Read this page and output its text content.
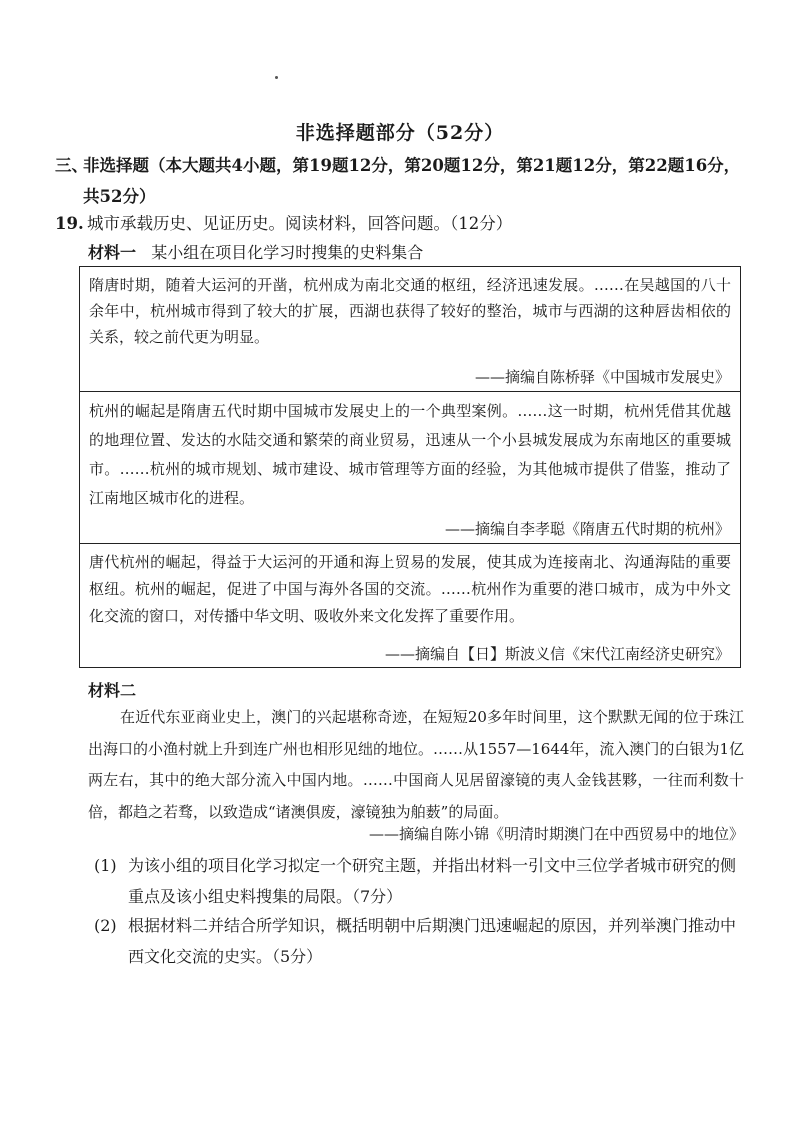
非选择题部分（52分）
三、非选择题（本大题共4小题，第19题12分，第20题12分，第21题12分，第22题16分，
共52分）
19. 城市承载历史、见证历史。阅读材料，回答问题。（12分）
材料一 某小组在项目化学习时搜集的史料集合
隋唐时期，随着大运河的开凿，杭州成为南北交通的枢纽，经济迅速发展。……在吴越国的八十余年中，杭州城市得到了较大的扩展，西湖也获得了较好的整治，城市与西湖的这种唇齿相依的关系，较之前代更为明显。
——摘编自陈桥驿《中国城市发展史》
杭州的崛起是隋唐五代时期中国城市发展史上的一个典型案例。……这一时期，杭州凭借其优越的地理位置、发达的水陆交通和繁荣的商业贸易，迅速从一个小县城发展成为东南地区的重要城市。……杭州的城市规划、城市建设、城市管理等方面的经验，为其他城市提供了借鉴，推动了江南地区城市化的进程。
——摘编自李孝聪《隋唐五代时期的杭州》
唐代杭州的崛起，得益于大运河的开通和海上贸易的发展，使其成为连接南北、沟通海陆的重要枢纽。杭州的崛起，促进了中国与海外各国的交流。……杭州作为重要的港口城市，成为中外文化交流的窗口，对传播中华文明、吸收外来文化发挥了重要作用。
——摘编自【日】斯波义信《宋代江南经济史研究》
材料二
在近代东亚商业史上，澳门的兴起堪称奇迹，在短短20多年时间里，这个默默无闻的位于珠江出海口的小渔村就上升到连广州也相形见绌的地位。……从1557—1644年，流入澳门的白银为1亿两左右，其中的绝大部分流入中国内地。……中国商人见居留濠镜的夷人金钱甚夥，一往而利数十倍，都趋之若骛，以致造成“诸澳俱废，濠镜独为舶薮”的局面。
——摘编自陈小锦《明清时期澳门在中西贸易中的地位》
(1) 为该小组的项目化学习拟定一个研究主题，并指出材料一引文中三位学者城市研究的侧
重点及该小组史料搜集的局限。（7分）
(2) 根据材料二并结合所学知识，概括明朝中后期澳门迅速崛起的原因，并列举澳门推动中
西文化交流的史实。（5分）
